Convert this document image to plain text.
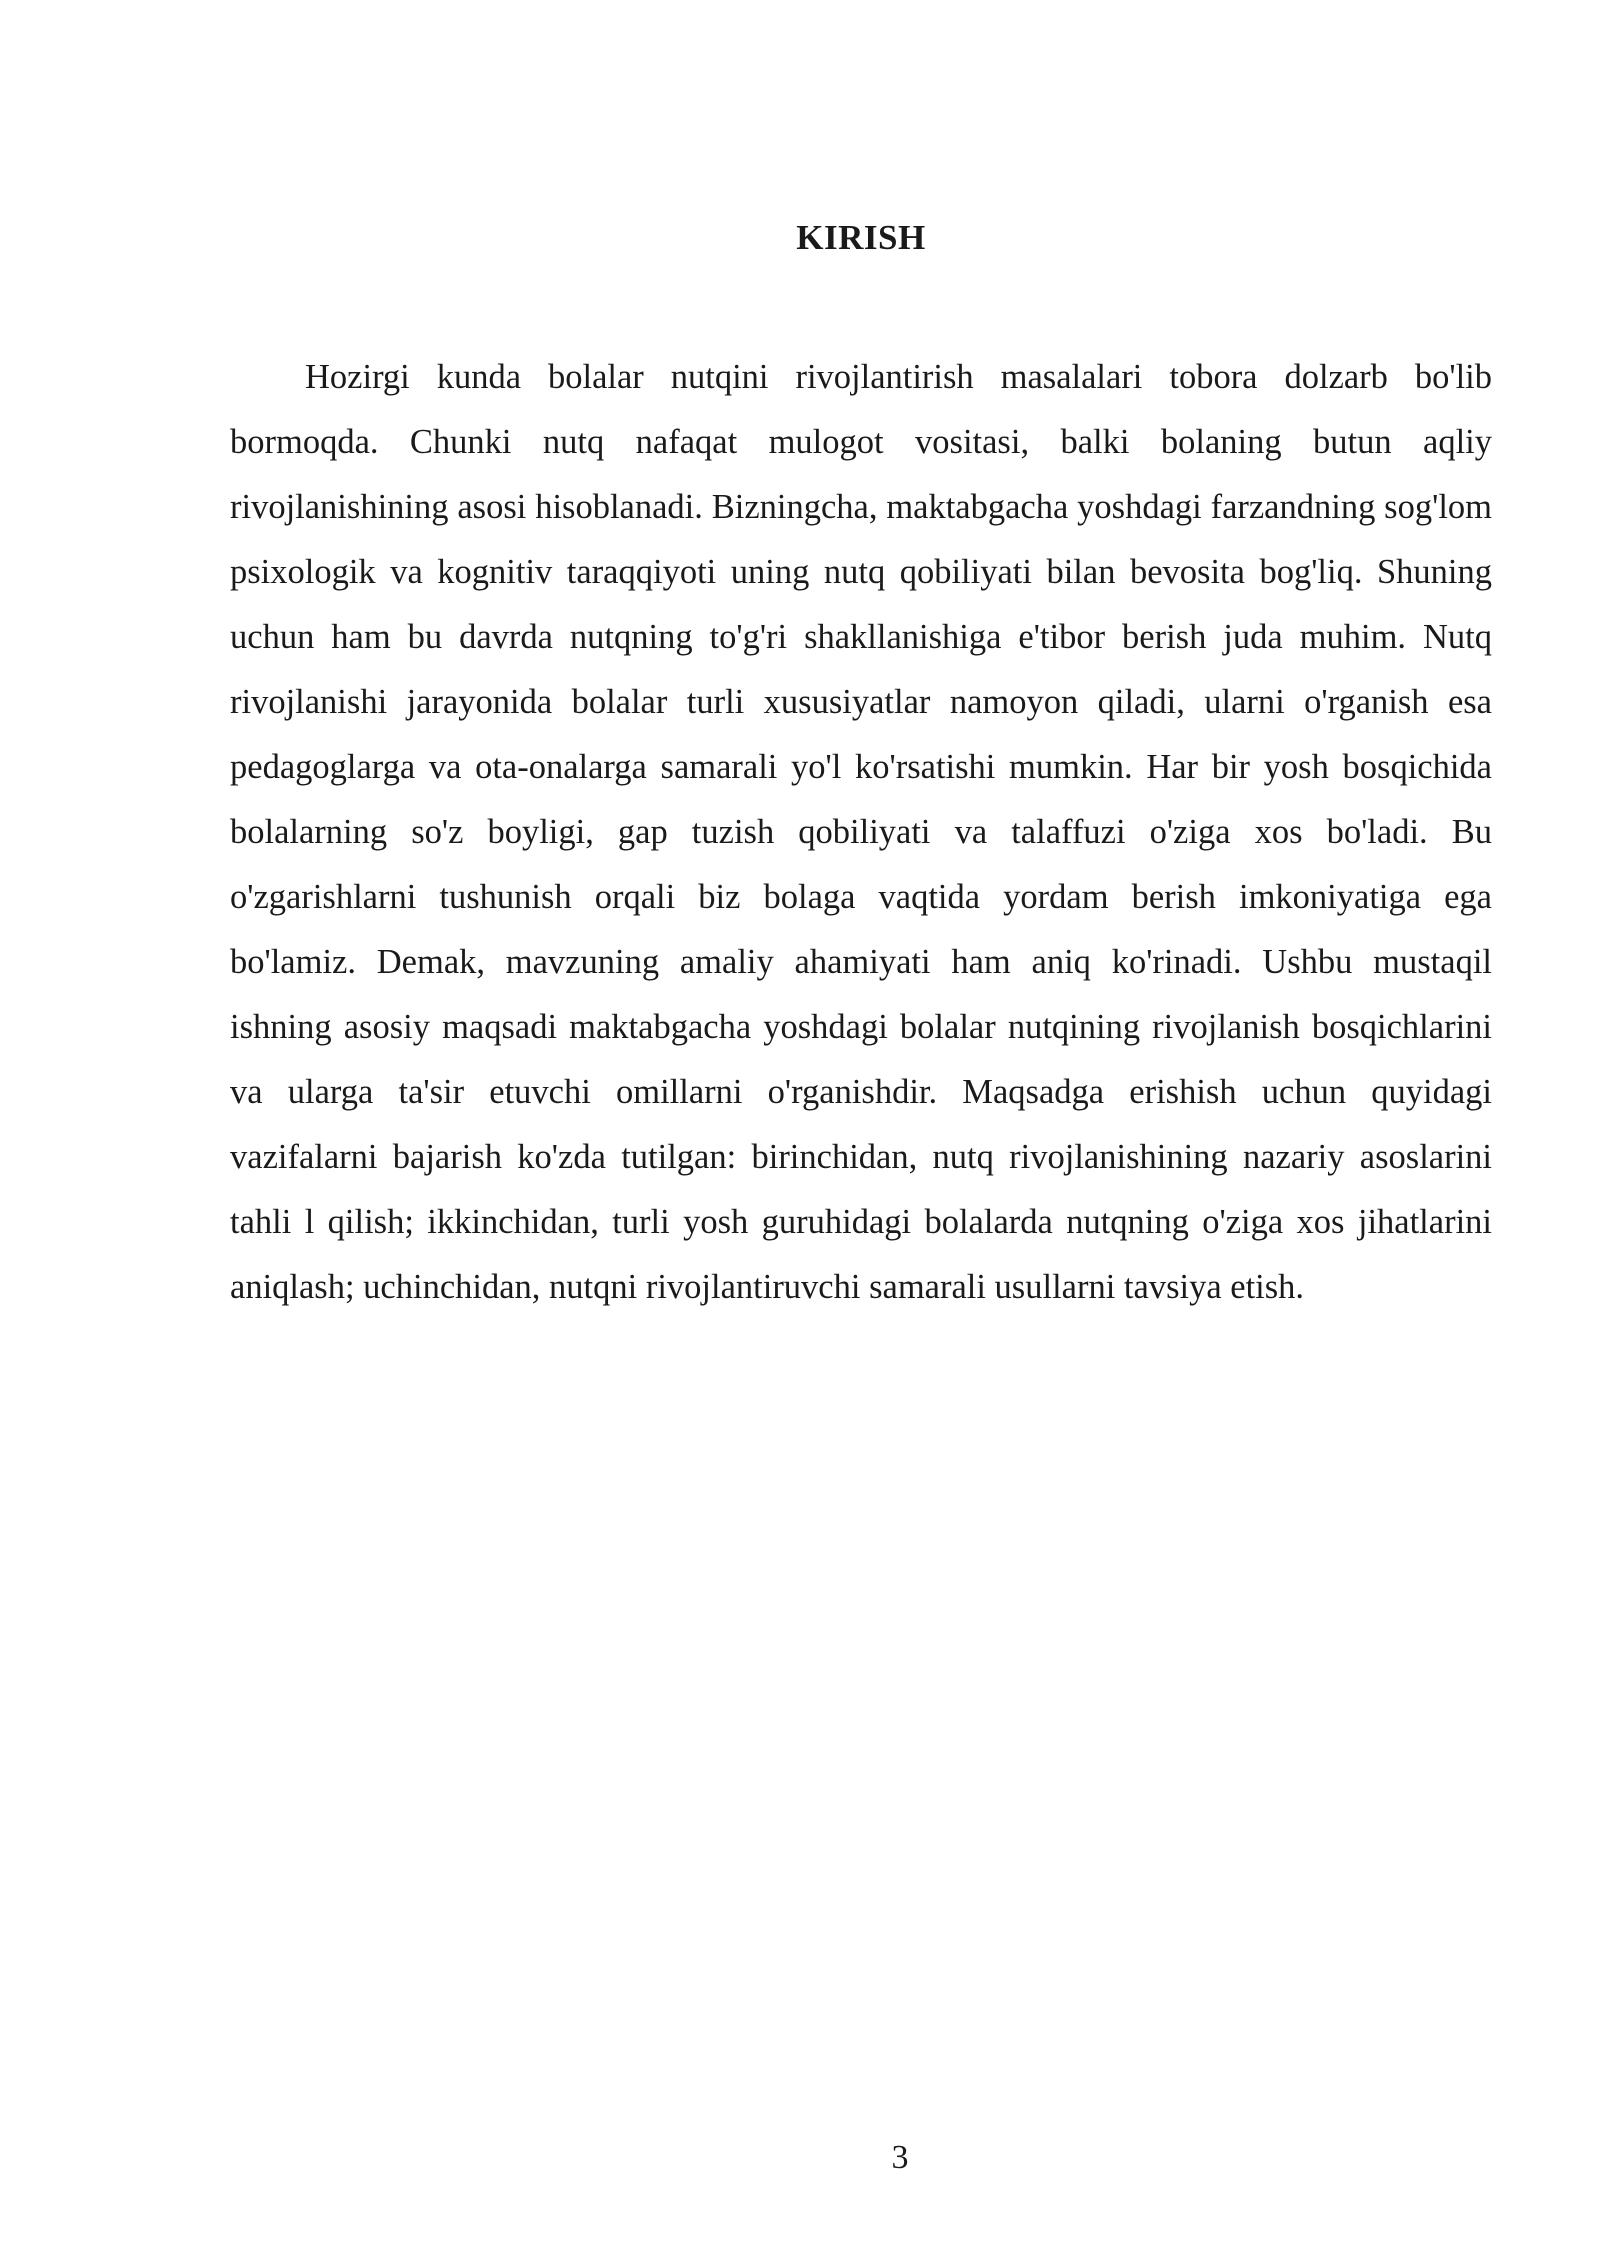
KIRISH

Hozirgi kunda bolalar nutqini rivojlantirish masalalari tobora dolzarb bo'lib bormoqda. Chunki nutq nafaqat mulogot vositasi, balki bolaning butun aqliy rivojlanishining asosi hisoblanadi. Bizningcha, maktabgacha yoshdagi farzandning sog'lom psixologik va kognitiv taraqqiyoti uning nutq qobiliyati bilan bevosita bog'liq. Shuning uchun ham bu davrda nutqning to'g'ri shakllanishiga e'tibor berish juda muhim. Nutq rivojlanishi jarayonida bolalar turli xususiyatlar namoyon qiladi, ularni o'rganish esa pedagoglarga va ota-onalarga samarali yo'l ko'rsatishi mumkin. Har bir yosh bosqichida bolalarning so'z boyligi, gap tuzish qobiliyati va talaffuzi o'ziga xos bo'ladi. Bu o'zgarishlarni tushunish orqali biz bolaga vaqtida yordam berish imkoniyatiga ega bo'lamiz. Demak, mavzuning amaliy ahamiyati ham aniq ko'rinadi. Ushbu mustaqil ishning asosiy maqsadi maktabgacha yoshdagi bolalar nutqining rivojlanish bosqichlarini va ularga ta'sir etuvchi omillarni o'rganishdir. Maqsadga erishish uchun quyidagi vazifalarni bajarish ko'zda tutilgan: birinchidan, nutq rivojlanishining nazariy asoslarini tahli l qilish; ikkinchidan, turli yosh guruhidagi bolalarda nutqning o'ziga xos jihatlarini aniqlash; uchinchidan, nutqni rivojlantiruvchi samarali usullarni tavsiya etish.

3
